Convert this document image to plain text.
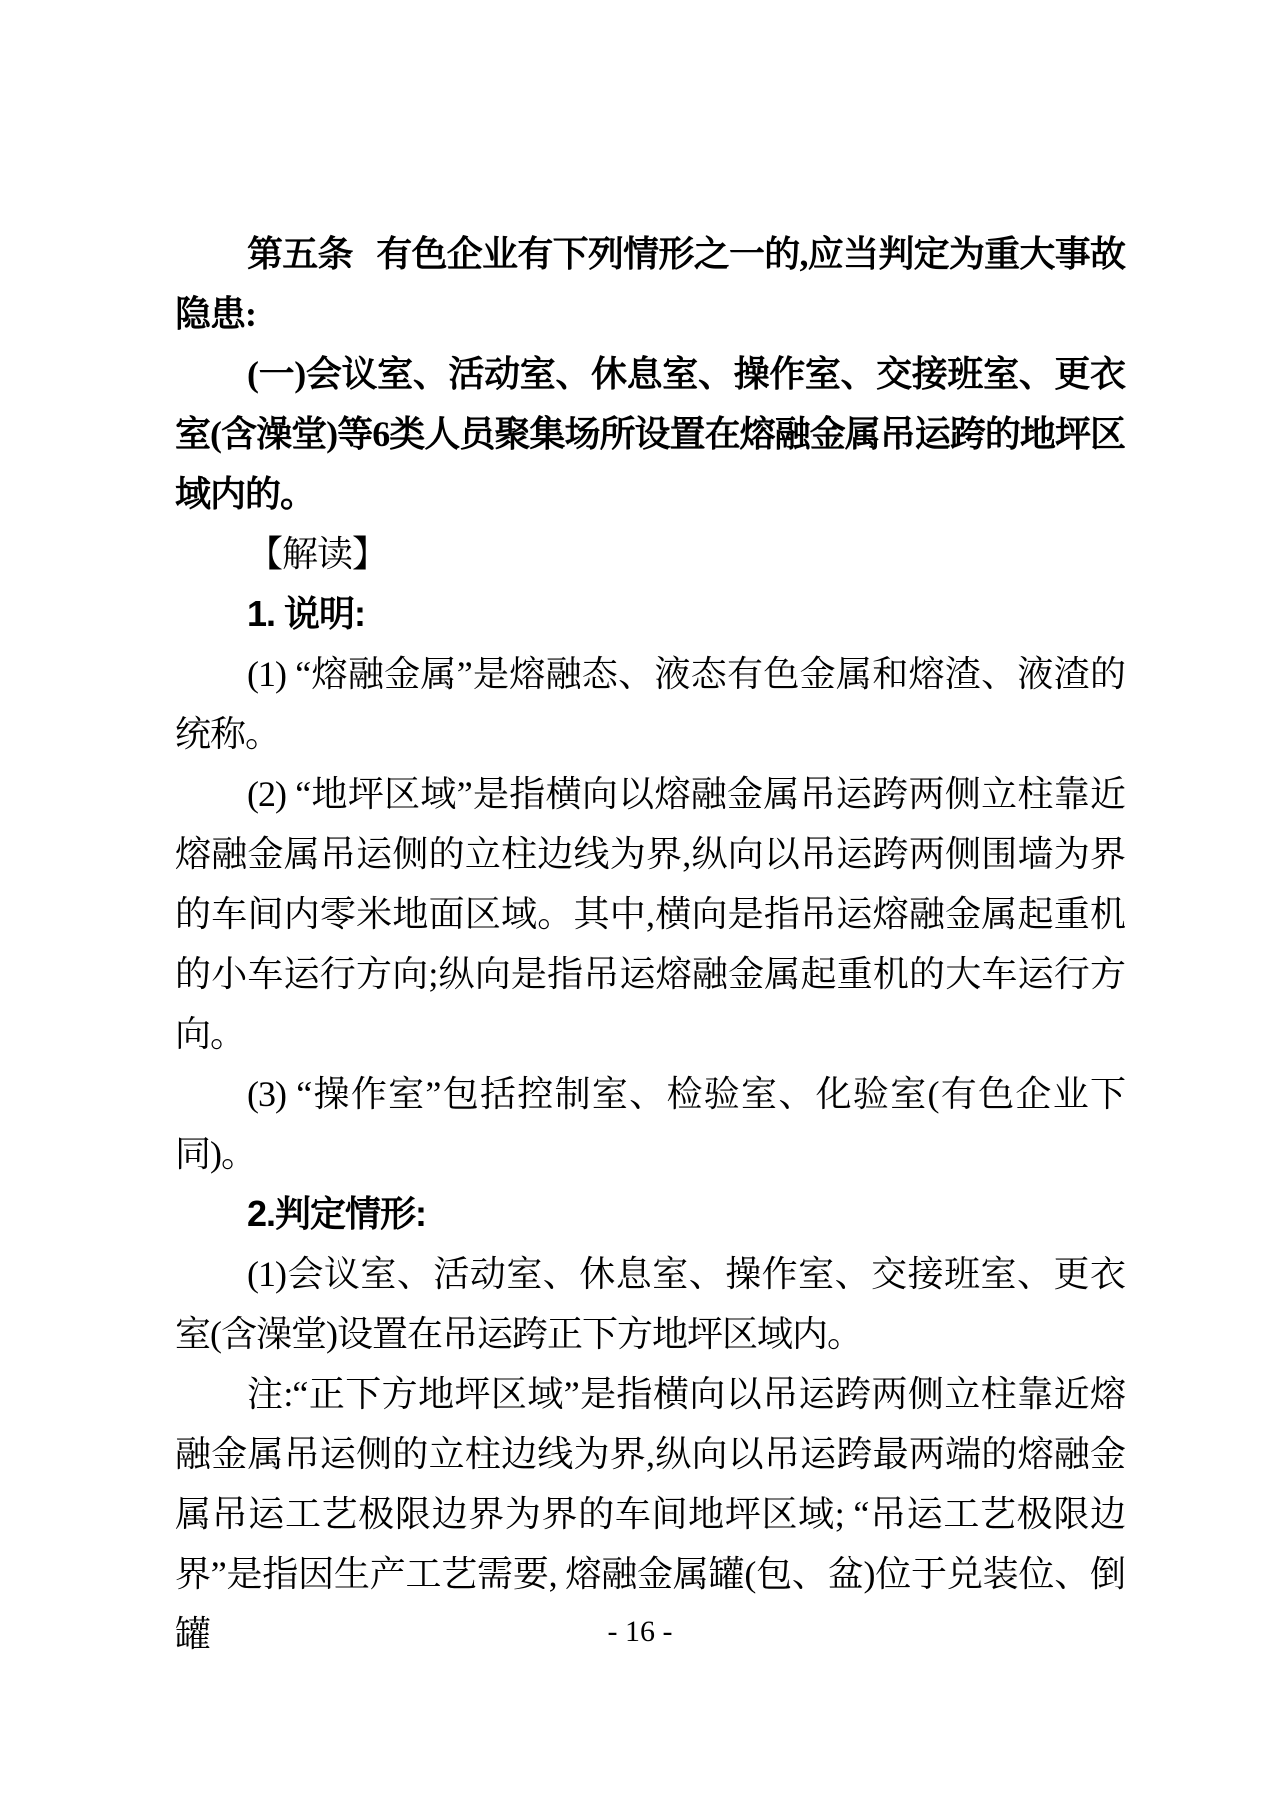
第五条 有色企业有下列情形之一的,应当判定为重大事故隐患:

(一)会议室、活动室、休息室、操作室、交接班室、更衣室(含澡堂)等6类人员聚集场所设置在熔融金属吊运跨的地坪区域内的。

【解读】

1. 说明:

(1) “熔融金属”是熔融态、液态有色金属和熔渣、液渣的统称。

(2) “地坪区域”是指横向以熔融金属吊运跨两侧立柱靠近熔融金属吊运侧的立柱边线为界,纵向以吊运跨两侧围墙为界的车间内零米地面区域。其中,横向是指吊运熔融金属起重机的小车运行方向;纵向是指吊运熔融金属起重机的大车运行方向。

(3) “操作室”包括控制室、检验室、化验室(有色企业下同)。

2.判定情形:

(1)会议室、活动室、休息室、操作室、交接班室、更衣室(含澡堂)设置在吊运跨正下方地坪区域内。

注:“正下方地坪区域”是指横向以吊运跨两侧立柱靠近熔融金属吊运侧的立柱边线为界,纵向以吊运跨最两端的熔融金属吊运工艺极限边界为界的车间地坪区域; “吊运工艺极限边界”是指因生产工艺需要, 熔融金属罐(包、盆)位于兑装位、倒罐	- 16 -
